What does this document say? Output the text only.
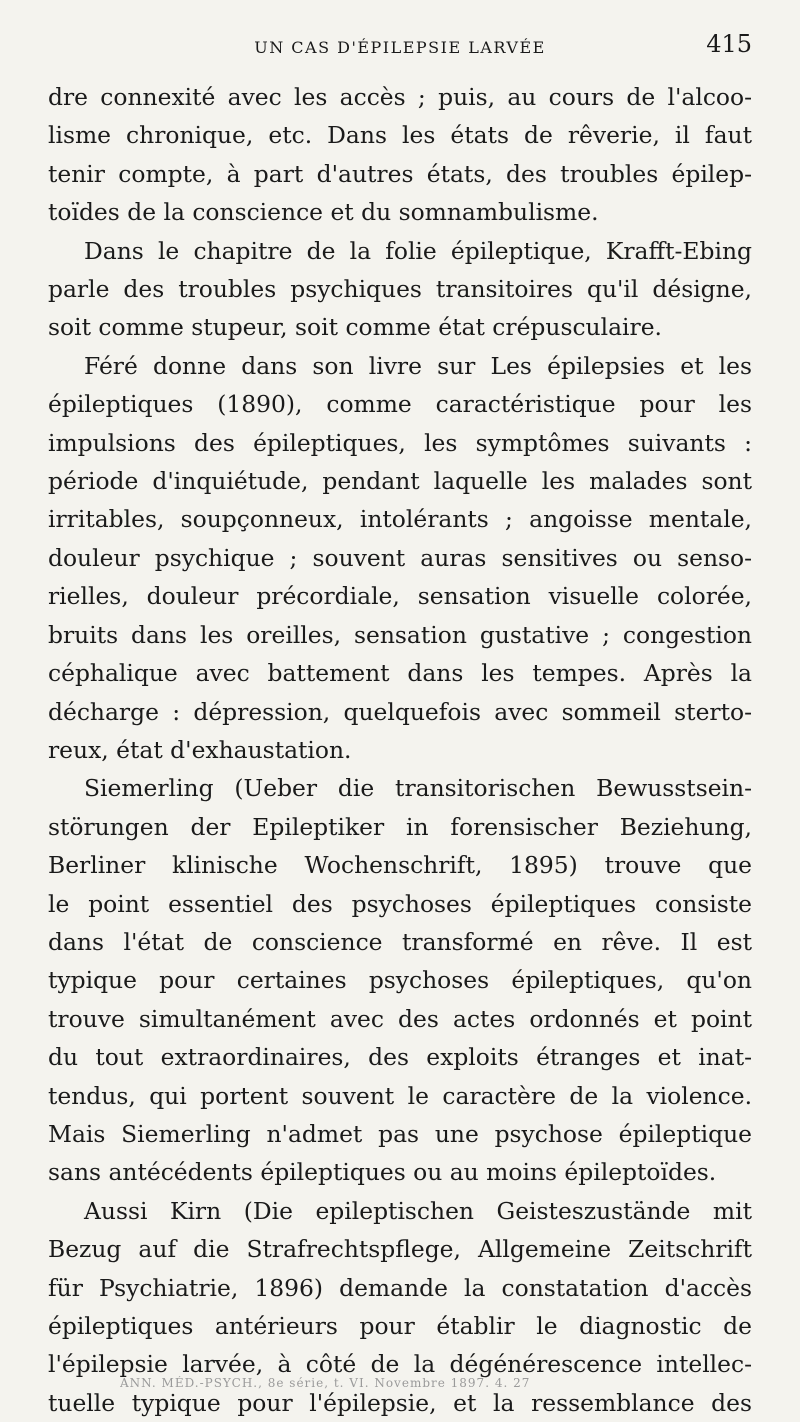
UN CAS D'ÉPILEPSIE LARVÉE	415

dre connexité avec les accès ; puis, au cours de l'alcoo-

lisme chronique, etc. Dans les états de rêverie, il faut

tenir compte, à part d'autres états, des troubles épilep-

toïdes de la conscience et du somnambulisme.

Dans le chapitre de la folie épileptique, Krafft-Ebing

parle des troubles psychiques transitoires qu'il désigne,

soit comme stupeur, soit comme état crépusculaire.

Féré donne dans son livre sur Les épilepsies et les

épileptiques (1890), comme caractéristique pour les

impulsions des épileptiques, les symptômes suivants :

période d'inquiétude, pendant laquelle les malades sont

irritables, soupçonneux, intolérants ; angoisse mentale,

douleur psychique ; souvent auras sensitives ou senso-

rielles, douleur précordiale, sensation visuelle colorée,

bruits dans les oreilles, sensation gustative ; congestion

céphalique avec battement dans les tempes. Après la

décharge : dépression, quelquefois avec sommeil sterto-

reux, état d'exhaustation.

Siemerling (Ueber die transitorischen Bewusstsein-

störungen der Epileptiker in forensischer Beziehung,

Berliner klinische Wochenschrift, 1895) trouve que

le point essentiel des psychoses épileptiques consiste

dans l'état de conscience transformé en rêve. Il est

typique pour certaines psychoses épileptiques, qu'on

trouve simultanément avec des actes ordonnés et point

du tout extraordinaires, des exploits étranges et inat-

tendus, qui portent souvent le caractère de la violence.

Mais Siemerling n'admet pas une psychose épileptique

sans antécédents épileptiques ou au moins épileptoïdes.

Aussi Kirn (Die epileptischen Geisteszustände mit

Bezug auf die Strafrechtspflege, Allgemeine Zeitschrift

für Psychiatrie, 1896) demande la constatation d'accès

épileptiques antérieurs pour établir le diagnostic de

l'épilepsie larvée, à côté de la dégénérescence intellec-

tuelle typique pour l'épilepsie, et la ressemblance des

ANN. MÉD.-PSYCH., 8e série, t. VI. Novembre 1897. 4. 27
